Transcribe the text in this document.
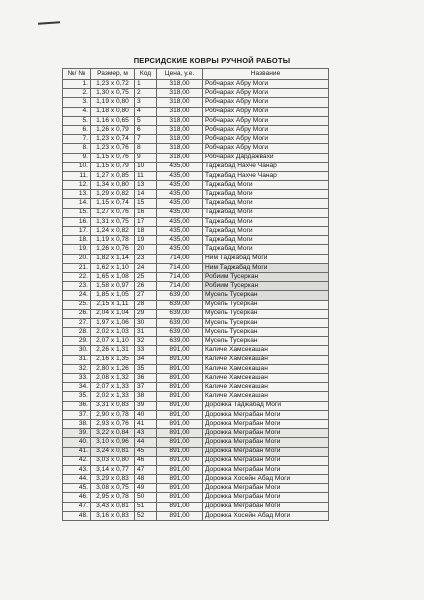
ПЕРСИДСКИЕ КОВРЫ РУЧНОЙ РАБОТЫ
№/ №	Размер, м	Код	Цена, у.е.	Название
1.	1,23 x 0,72	1	318,00	Робчарах Абру Моги
2.	1,30 x 0,75	2	318,00	Робчарах Абру Моги
3.	1,19 x 0,80	3	318,00	Робчарах Абру Моги
4.	1,18 x 0,80	4	318,00	Робчарах Абру Моги
5.	1,16 x 0,65	5	318,00	Робчарах Абру Моги
6.	1,26 x 0,79	6	318,00	Робчарах Абру Моги
7.	1,23 x 0,74	7	318,00	Робчарах Абру Моги
8.	1,23 x 0,76	8	318,00	Робчарах Абру Моги
9.	1,15 x 0,76	9	318,00	Робчарах Дардажвахи
10.	1,15 x 0,79	10	435,00	Таджабад Нахче Чанар
11.	1,27 x 0,85	11	435,00	Таджабад Нахче Чанар
12.	1,34 x 0,80	13	435,00	Таджабад Моги
13.	1,29 x 0,82	14	435,00	Таджабад Моги
14.	1,15 x 0,74	15	435,00	Таджабад Моги
15.	1,27 x 0,76	16	435,00	Таджабад Моги
16.	1,31 x 0,75	17	435,00	Таджабад Моги
17.	1,24 x 0,82	18	435,00	Таджабад Моги
18.	1,19 x 0,78	19	435,00	Таджабад Моги
19.	1,26 x 0,76	20	435,00	Таджабад Моги
20.	1,82 x 1,14	23	714,00	Ним Таджабад Моги
21.	1,62 x 1,10	24	714,00	Ним Таджабад Моги
22.	1,65 x 1,08	25	714,00	Робиим Тусеркан
23.	1,58 x 0,97	26	714,00	Робиим Тусеркан
24.	1,85 x 1,05	27	639,00	Мусель Тусеркан
25.	2,15 x 1,11	28	639,00	Мусель Тусеркан
26.	2,04 x 1,04	29	639,00	Мусель Тусеркан
27.	1,97 x 1,06	30	639,00	Мусель Тусеркан
28.	2,02 x 1,03	31	639,00	Мусель Тусеркан
29.	2,07 x 1,10	32	639,00	Мусель Тусеркан
30.	2,26 x 1,31	33	891,00	Каличе Хамсекашан
31.	2,16 x 1,35	34	891,00	Каличе Хамсекашан
32.	2,80 x 1,26	35	891,00	Каличе Хамсекашан
33.	2,08 x 1,32	36	891,00	Каличе Хамсекашан
34.	2,07 x 1,33	37	891,00	Каличе Хамсекашан
35.	2,02 x 1,33	38	891,00	Каличе Хамсекашан
36.	3,31 x 0,83	39	891,00	Дорожка Таджабад Моги
37.	2,90 x 0,78	40	891,00	Дорожка Меграбан Моги
38.	2,93 x 0,76	41	891,00	Дорожка Меграбан Моги
39.	3,22 x 0,84	43	891,00	Дорожка Меграбан Моги
40.	3,10 x 0,96	44	891,00	Дорожка Меграбан Моги
41.	3,24 x 0,81	45	891,00	Дорожка Меграбан Моги
42.	3,03 x 0,80	46	891,00	Дорожка Меграбан Моги
43.	3,14 x 0,77	47	891,00	Дорожка Меграбан Моги
44.	3,29 x 0,83	48	891,00	Дорожка Хосейн Абад Моги
45.	3,08 x 0,75	49	891,00	Дорожка Меграбан Моги
46.	2,95 x 0,78	50	891,00	Дорожка Меграбан Моги
47.	3,43 x 0,81	51	891,00	Дорожка Меграбан Моги
48.	3,16 x 0,83	52	891,00	Дорожка Хосейн Абад Моги
